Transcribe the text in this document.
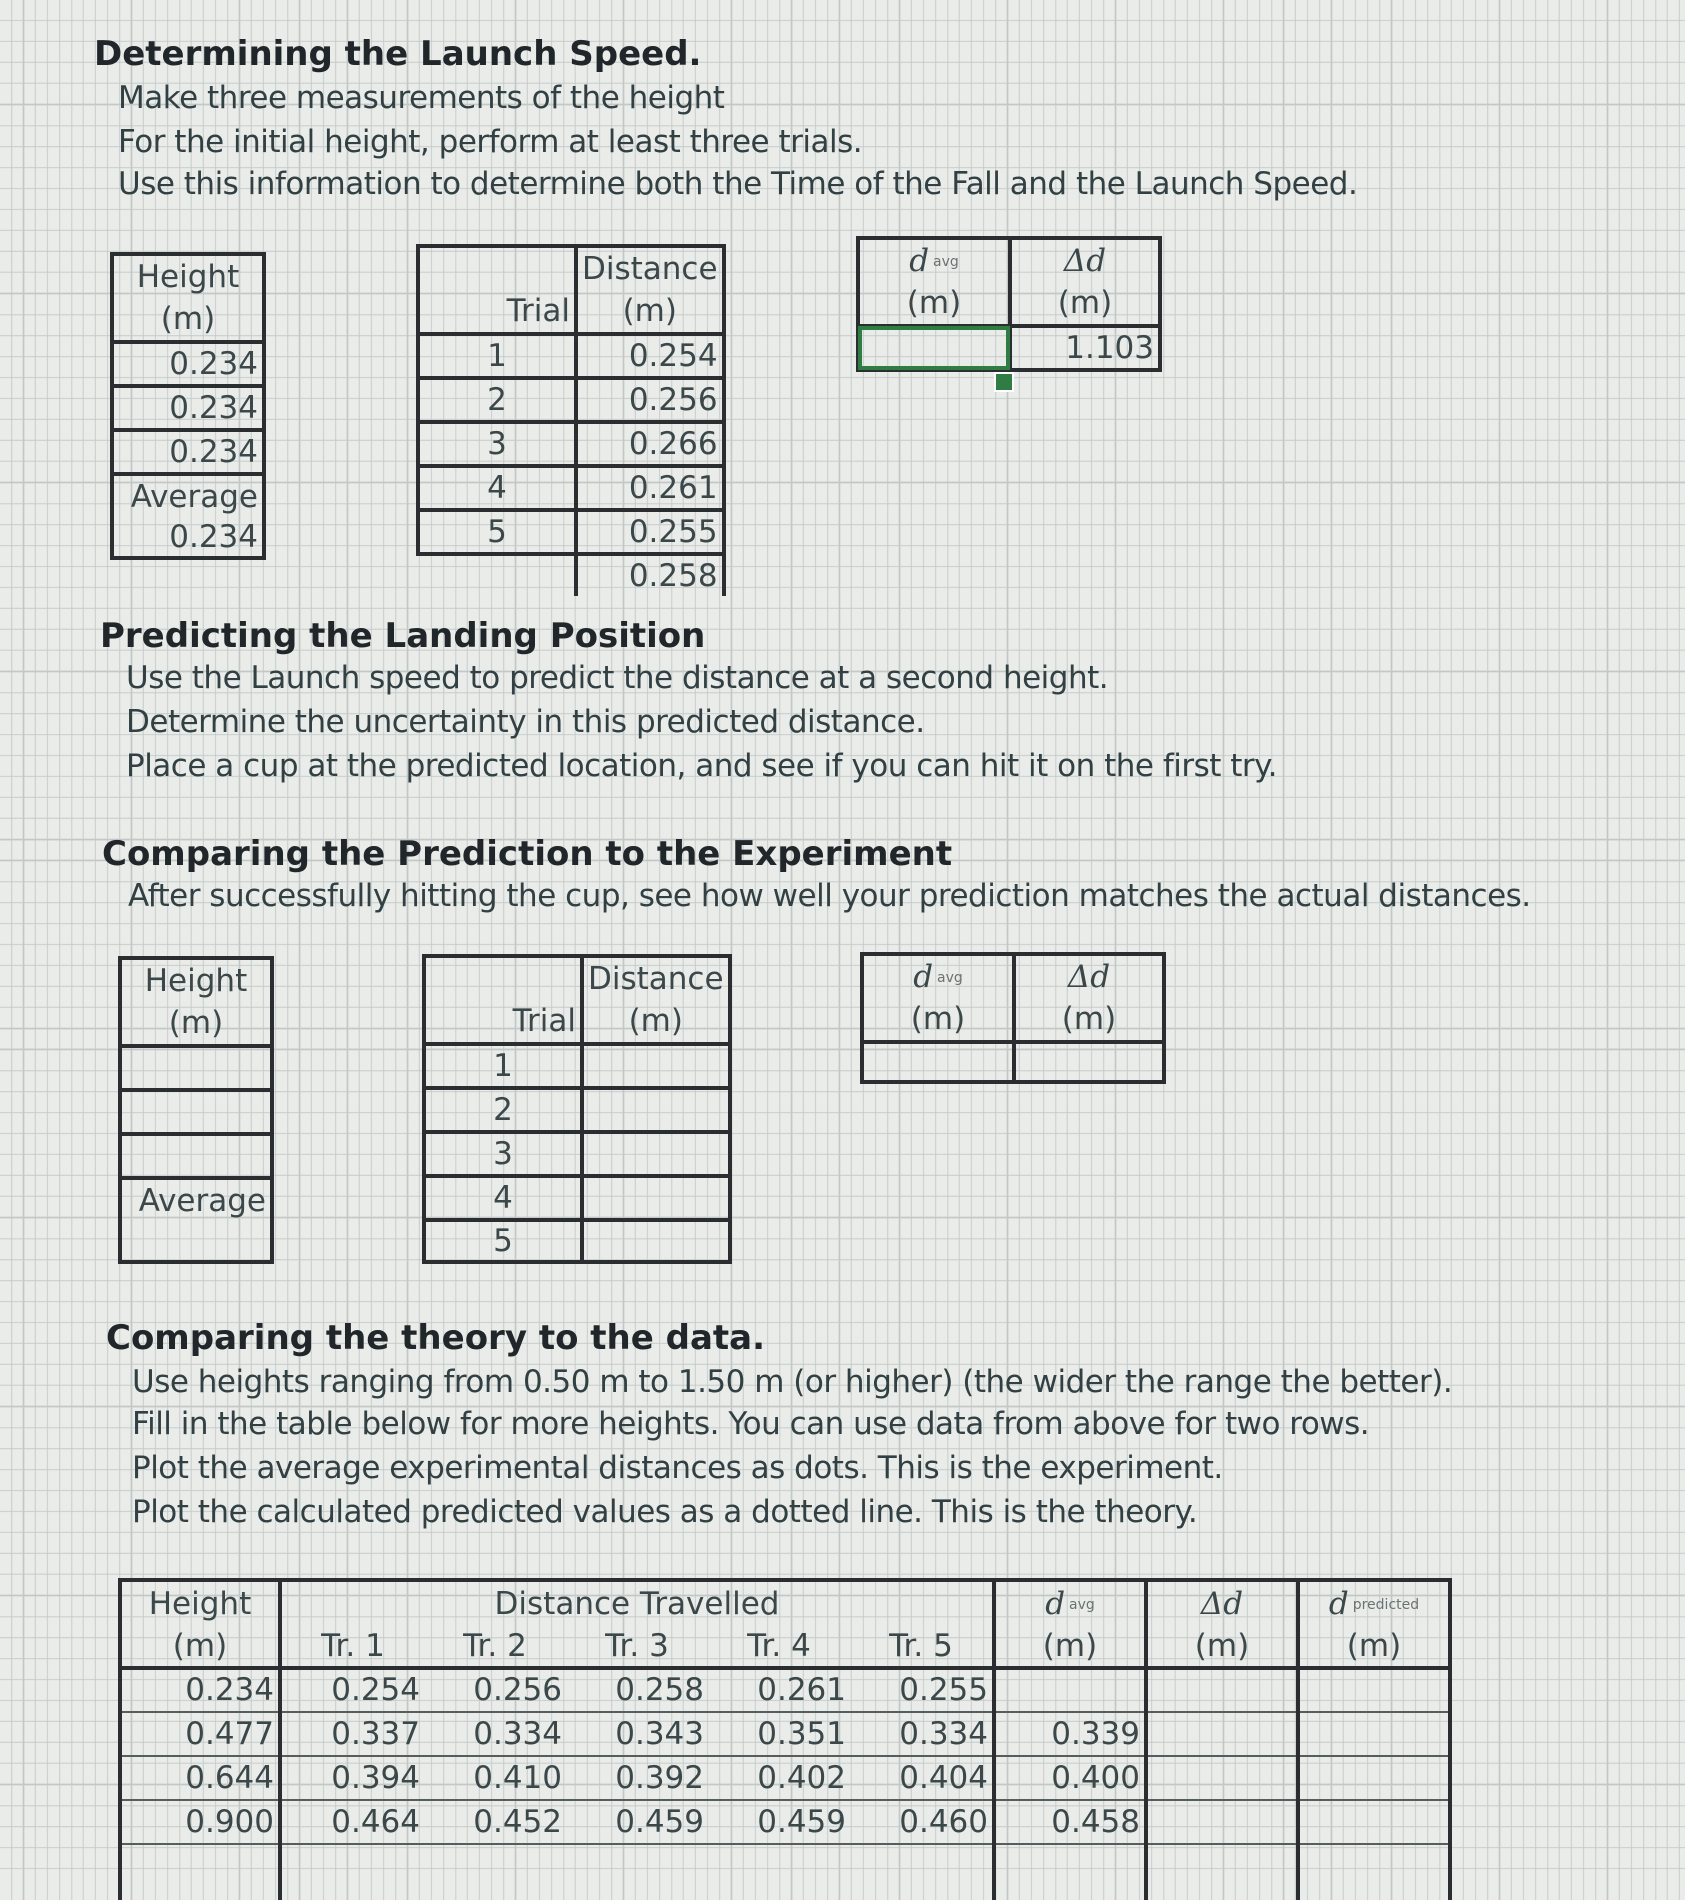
Determining the Launch Speed.
Make three measurements of the height
For the initial height, perform at least three trials.
Use this information to determine both the Time of the Fall and the Launch Speed.
Height
(m)
0.234
0.234
0.234
Average
0.234
	Distance
Trial	(m)
1	0.254
2	0.256
3	0.266
4	0.261
5	0.255
	0.258
d avg	Δd
(m)	(m)
	1.103
Predicting the Landing Position
Use the Launch speed to predict the distance at a second height.
Determine the uncertainty in this predicted distance.
Place a cup at the predicted location, and see if you can hit it on the first try.
Comparing the Prediction to the Experiment
After successfully hitting the cup, see how well your prediction matches the actual distances.
Height
(m)

Average

	Distance
Trial	(m)
1	
2	
3	
4	
5	
d avg	Δd
(m)	(m)

Comparing the theory to the data.
Use heights ranging from 0.50 m to 1.50 m (or higher) (the wider the range the better).
Fill in the table below for more heights. You can use data from above for two rows.
Plot the average experimental distances as dots. This is the experiment.
Plot the calculated predicted values as a dotted line. This is the theory.
Height	Distance Travelled					d avg	Δd	d predicted
(m)	Tr. 1	Tr. 2	Tr. 3	Tr. 4	Tr. 5	(m)	(m)	(m)
0.234	0.254	0.256	0.258	0.261	0.255			
0.477	0.337	0.334	0.343	0.351	0.334	0.339		
0.644	0.394	0.410	0.392	0.402	0.404	0.400		
0.900	0.464	0.452	0.459	0.459	0.460	0.458		
